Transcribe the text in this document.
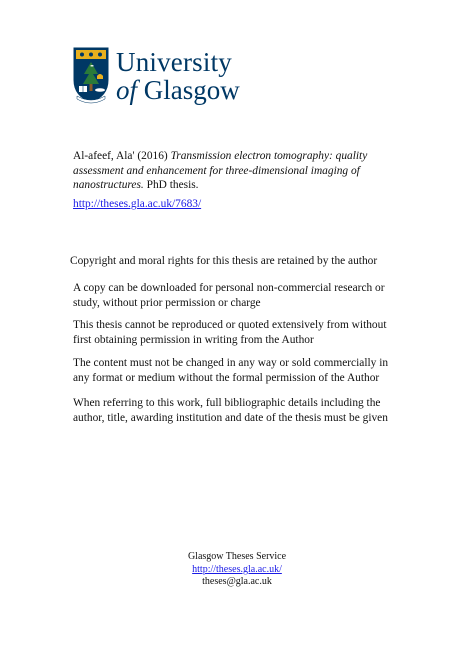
University
of Glasgow
Al-afeef, Ala' (2016) Transmission electron tomography: quality assessment and enhancement for three-dimensional imaging of nanostructures. PhD thesis.
http://theses.gla.ac.uk/7683/
Copyright and moral rights for this thesis are retained by the author
A copy can be downloaded for personal non-commercial research or study, without prior permission or charge
This thesis cannot be reproduced or quoted extensively from without first obtaining permission in writing from the Author
The content must not be changed in any way or sold commercially in any format or medium without the formal permission of the Author
When referring to this work, full bibliographic details including the author, title, awarding institution and date of the thesis must be given
Glasgow Theses Service
http://theses.gla.ac.uk/
theses@gla.ac.uk
